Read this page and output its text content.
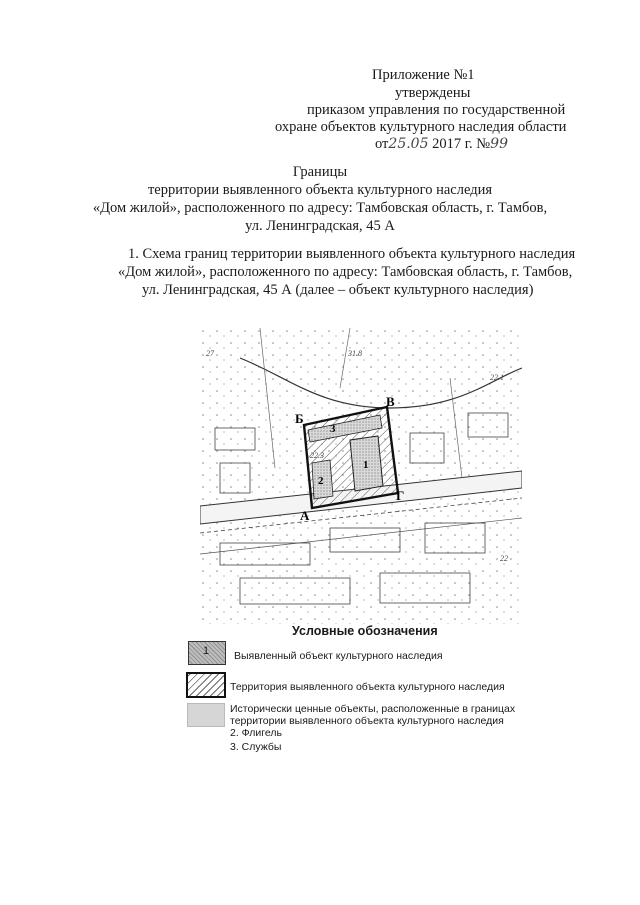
Приложение №1
утверждены
приказом управления по государственной
охране объектов культурного наследия области
от25.05 2017 г. №99
Границы
территории выявленного объекта культурного наследия
«Дом жилой», расположенного по адресу: Тамбовская область, г. Тамбов,
ул. Ленинградская, 45 А
1. Схема границ территории выявленного объекта культурного наследия
«Дом жилой», расположенного по адресу: Тамбовская область, г. Тамбов,
ул. Ленинградская, 45 А (далее – объект культурного наследия)
Б
В
А
Г
1
2
3
27	31.8
22.1
22.3
22
Условные обозначения
1 Выявленный объект культурного наследия
Территория выявленного объекта культурного наследия
Исторически ценные объекты, расположенные в границах
территории выявленного объекта культурного наследия
2. Флигель
3. Службы
